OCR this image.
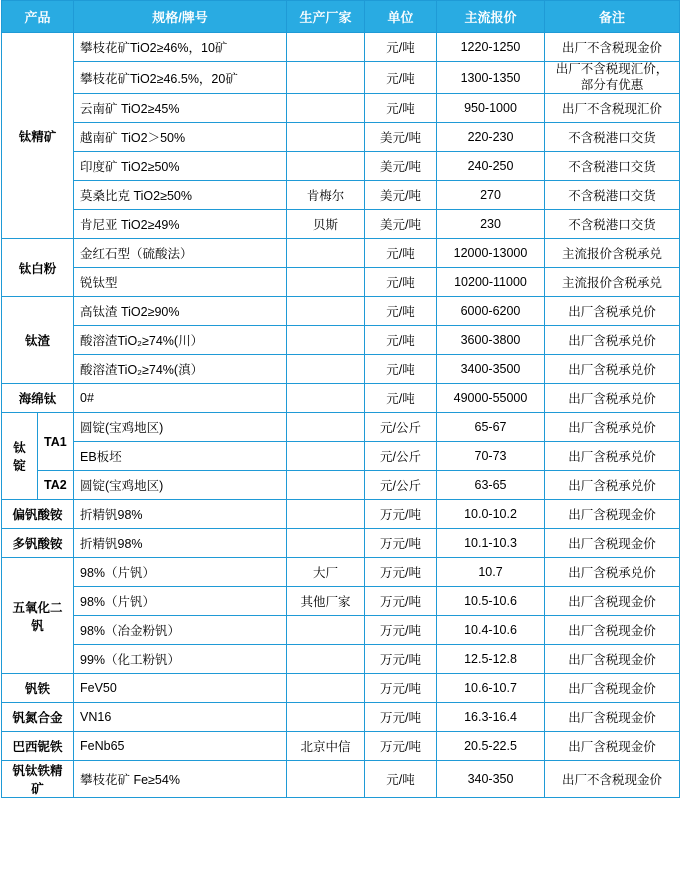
产品		规格/牌号	生产厂家	单位	主流报价	备注
钛精矿		攀枝花矿TiO2≥46%，10矿		元/吨	1220-1250	出厂不含税现金价
		攀枝花矿TiO2≥46.5%，20矿		元/吨	1300-1350	出厂不含税现汇价，部分有优惠
		云南矿 TiO2≥45%		元/吨	950-1000	出厂不含税现汇价
		越南矿 TiO2＞50%		美元/吨	220-230	不含税港口交货
		印度矿 TiO2≥50%		美元/吨	240-250	不含税港口交货
		莫桑比克 TiO2≥50%	肯梅尔	美元/吨	270	不含税港口交货
		肯尼亚 TiO2≥49%	贝斯	美元/吨	230	不含税港口交货
钛白粉		金红石型（硫酸法）		元/吨	12000-13000	主流报价含税承兑
		锐钛型		元/吨	10200-11000	主流报价含税承兑
钛渣		高钛渣 TiO2≥90%		元/吨	6000-6200	出厂含税承兑价
		酸溶渣TiO₂≥74%(川）		元/吨	3600-3800	出厂含税承兑价
		酸溶渣TiO₂≥74%(滇）		元/吨	3400-3500	出厂含税承兑价
海绵钛		0#		元/吨	49000-55000	出厂含税承兑价
钛锭	TA1	圆锭(宝鸡地区)		元/公斤	65-67	出厂含税承兑价
		EB板坯		元/公斤	70-73	出厂含税承兑价
	TA2	圆锭(宝鸡地区)		元/公斤	63-65	出厂含税承兑价
偏钒酸铵		折精钒98%		万元/吨	10.0-10.2	出厂含税现金价
多钒酸铵		折精钒98%		万元/吨	10.1-10.3	出厂含税现金价
五氧化二钒		98%（片钒）	大厂	万元/吨	10.7	出厂含税承兑价
		98%（片钒）	其他厂家	万元/吨	10.5-10.6	出厂含税现金价
		98%（冶金粉钒）		万元/吨	10.4-10.6	出厂含税现金价
		99%（化工粉钒）		万元/吨	12.5-12.8	出厂含税现金价
钒铁		FeV50		万元/吨	10.6-10.7	出厂含税现金价
钒氮合金		VN16		万元/吨	16.3-16.4	出厂含税现金价
巴西铌铁		FeNb65	北京中信	万元/吨	20.5-22.5	出厂含税现金价
钒钛铁精矿		攀枝花矿 Fe≥54%		元/吨	340-350	出厂不含税现金价
